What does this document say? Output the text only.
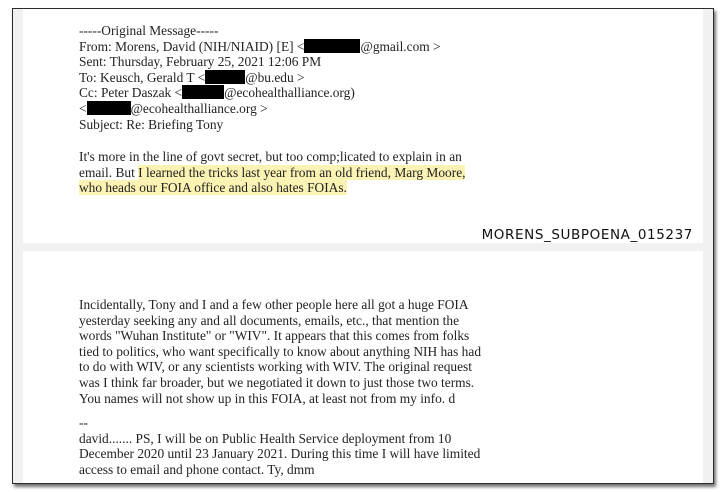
-----Original Message-----
From: Morens, David (NIH/NIAID) [E] <	@gmail.com >
Sent: Thursday, February 25, 2021 12:06 PM
To: Keusch, Gerald T <	@bu.edu >
Cc: Peter Daszak <	@ecohealthalliance.org)
<	@ecohealthalliance.org >
Subject: Re: Briefing Tony
It's more in the line of govt secret, but too comp;licated to explain in an
email. But I learned the tricks last year from an old friend, Marg Moore,
who heads our FOIA office and also hates FOIAs.
MORENS_SUBPOENA_015237
Incidentally, Tony and I and a few other people here all got a huge FOIA
yesterday seeking any and all documents, emails, etc., that mention the
words "Wuhan Institute" or "WIV". It appears that this comes from folks
tied to politics, who want specifically to know about anything NIH has had
to do with WIV, or any scientists working with WIV. The original request
was I think far broader, but we negotiated it down to just those two terms.
You names will not show up in this FOIA, at least not from my info. d
--
david....... PS, I will be on Public Health Service deployment from 10
December 2020 until 23 January 2021. During this time I will have limited
access to email and phone contact. Ty, dmm
